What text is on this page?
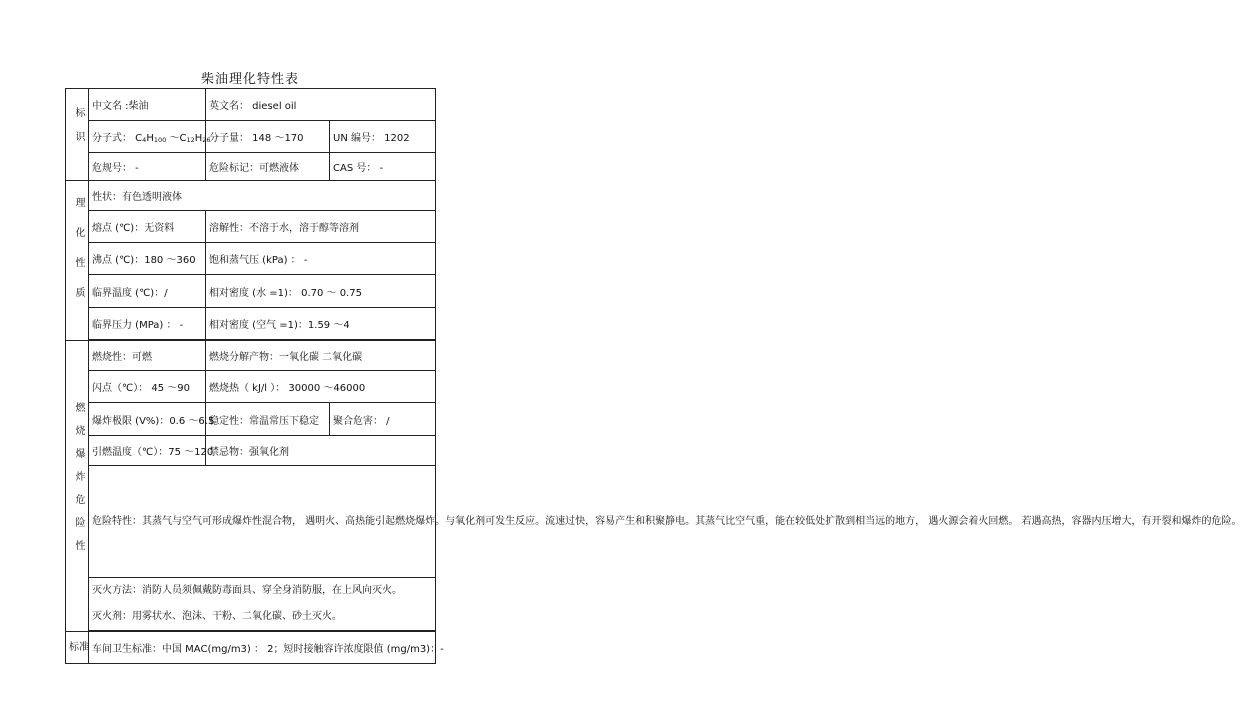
柴油理化特性表
标识	中文名 :柴油	英文名： diesel oil	
	分子式： $C_4H_{100}$ $\sim C_{12}H_{26}$	分子量： 148 ～170	UN 编号： 1202
	危规号： -	危险标记：可燃液体	CAS 号： -
理化性质	性状：有色透明液体		
	熔点 (℃)：无资料	溶解性：不溶于水，溶于醇等溶剂	
	沸点 (℃)：180 ～360	饱和蒸气压 (kPa) ： -	
	临界温度 (℃)：/	相对密度 (水 =1)： 0.70 ～ 0.75	
	临界压力 (MPa) ： -	相对密度 (空气 =1)：1.59 ～4	

燃烧爆炸危险性	燃烧性：可燃	燃烧分解产物：一氧化碳 二氧化碳	
	闪点（℃）： 45 ～90	燃烧热（ kJ/l ）： 30000 ～46000	
	爆炸极限 (V%)：0.6 ～6.5	稳定性：常温常压下稳定	聚合危害： /
	引燃温度（℃）：75 ～120	禁忌物：强氧化剂	
	危险特性：其蒸气与空气可形成爆炸性混合物， 遇明火、高热能引起燃烧爆炸。与氧化剂可发生反应。流速过快，容易产生和积聚静电。其蒸气比空气重，能在较低处扩散到相当远的地方， 遇火源会着火回燃。 若遇高热，容器内压增大，有开裂和爆炸的危险。		
	灭火方法：消防人员须佩戴防毒面具、穿全身消防服，在上风向灭火。		
	灭火剂：用雾状水、泡沫、干粉、二氧化碳、砂土灭火。		

标准	车间卫生标准：中国 MAC(mg/m3) ： 2；短时接触容许浓度限值 (mg/m3)：-		
